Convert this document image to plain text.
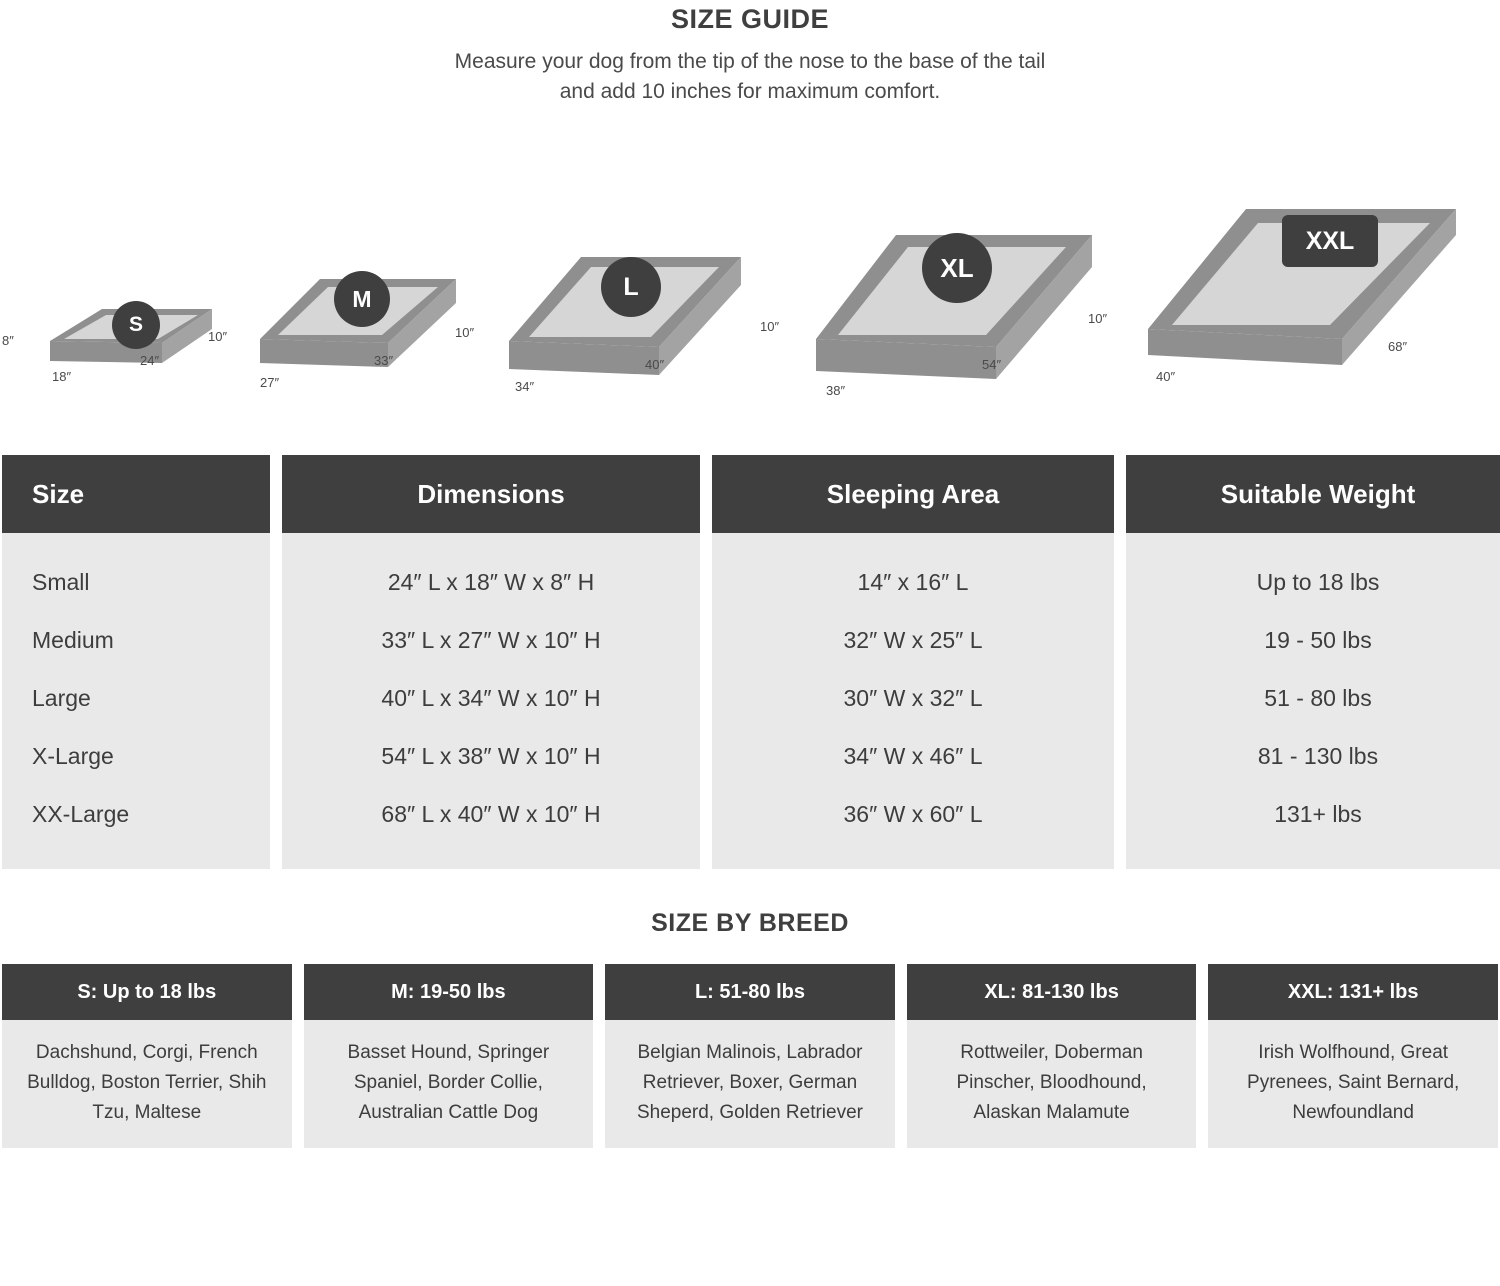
SIZE GUIDE
Measure your dog from the tip of the nose to the base of the tail
and add 10 inches for maximum comfort.
S
8″
18″
24″
M
10″
27″
33″
L
10″
34″
40″
XL
10″
38″
54″
XXL
10″
40″
68″
Size
Small
Medium
Large
X-Large
XX-Large
Dimensions
24″ L x 18″ W x 8″ H
33″ L x 27″ W x 10″ H
40″ L x 34″ W x 10″ H
54″ L x 38″ W x 10″ H
68″ L x 40″ W x 10″ H
Sleeping Area
14″ x 16″ L
32″ W x 25″ L
30″ W x 32″ L
34″ W x 46″ L
36″ W x 60″ L
Suitable Weight
Up to 18 lbs
19 - 50 lbs
51 - 80 lbs
81 - 130 lbs
131+ lbs
SIZE BY BREED
S: Up to 18 lbs
Dachshund, Corgi, French Bulldog, Boston Terrier, Shih Tzu, Maltese
M: 19-50 lbs
Basset Hound, Springer Spaniel, Border Collie, Australian Cattle Dog
L: 51-80 lbs
Belgian Malinois, Labrador Retriever, Boxer, German Sheperd, Golden Retriever
XL: 81-130 lbs
Rottweiler, Doberman Pinscher, Bloodhound, Alaskan Malamute
XXL: 131+ lbs
Irish Wolfhound, Great Pyrenees, Saint Bernard, Newfoundland
